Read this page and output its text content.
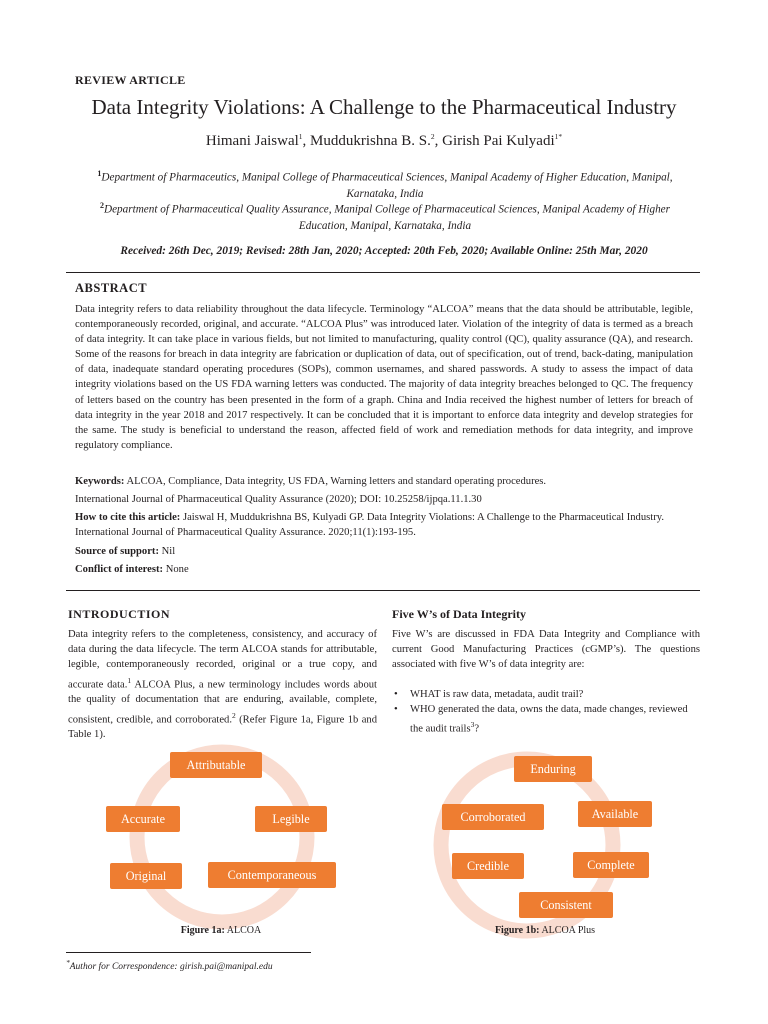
REVIEW ARTICLE
Data Integrity Violations: A Challenge to the Pharmaceutical Industry
Himani Jaiswal$^1$, Muddukrishna B. S.$^2$, Girish Pai Kulyadi$^{1*}$
$^1$Department of Pharmaceutics, Manipal College of Pharmaceutical Sciences, Manipal Academy of Higher Education, Manipal, Karnataka, India
$^2$Department of Pharmaceutical Quality Assurance, Manipal College of Pharmaceutical Sciences, Manipal Academy of Higher Education, Manipal, Karnataka, India
Received: 26th Dec, 2019; Revised: 28th Jan, 2020; Accepted: 20th Feb, 2020; Available Online: 25th Mar, 2020
ABSTRACT
Data integrity refers to data reliability throughout the data lifecycle. Terminology “ALCOA” means that the data should be attributable, legible, contemporaneously recorded, original, and accurate. “ALCOA Plus” was introduced later. Violation of the integrity of data is termed as a breach of data integrity. It can take place in various fields, but not limited to manufacturing, quality control (QC), quality assurance (QA), and research. Some of the reasons for breach in data integrity are fabrication or duplication of data, out of specification, out of trend, back-dating, manipulation of data, inadequate standard operating procedures (SOPs), common usernames, and shared passwords. A study to assess the impact of data integrity violations based on the US FDA warning letters was conducted. The majority of data integrity breaches belonged to QC. The frequency of letters based on the country has been presented in the form of a graph. China and India received the highest number of letters for breach of data integrity in the year 2018 and 2017 respectively. It can be concluded that it is important to enforce data integrity and develop strategies for the same. The study is beneficial to understand the reason, affected field of work and remediation methods for data integrity, and improve regulatory compliance.
Keywords: ALCOA, Compliance, Data integrity, US FDA, Warning letters and standard operating procedures.
International Journal of Pharmaceutical Quality Assurance (2020); DOI: 10.25258/ijpqa.11.1.30
How to cite this article: Jaiswal H, Muddukrishna BS, Kulyadi GP. Data Integrity Violations: A Challenge to the Pharmaceutical Industry. International Journal of Pharmaceutical Quality Assurance. 2020;11(1):193-195.
Source of support: Nil
Conflict of interest: None
INTRODUCTION
Data integrity refers to the completeness, consistency, and accuracy of data during the data lifecycle. The term ALCOA stands for attributable, legible, contemporaneously recorded, original or a true copy, and accurate data.$^1$ ALCOA Plus, a new terminology includes words about the quality of documentation that are enduring, available, complete, consistent, credible, and corroborated.$^2$ (Refer Figure 1a, Figure 1b and Table 1).
Five W’s of Data Integrity
Five W’s are discussed in FDA Data Integrity and Compliance with current Good Manufacturing Practices (cGMP’s). The questions associated with five W’s of data integrity are:
• WHAT is raw data, metadata, audit trail?
• WHO generated the data, owns the data, made changes, reviewed the audit trails$^3$?
Attributable
Legible
Contemporaneous
Original
Accurate
Figure 1a: ALCOA
Enduring
Available
Complete
Consistent
Credible
Corroborated
Figure 1b: ALCOA Plus
*Author for Correspondence: girish.pai@manipal.edu
